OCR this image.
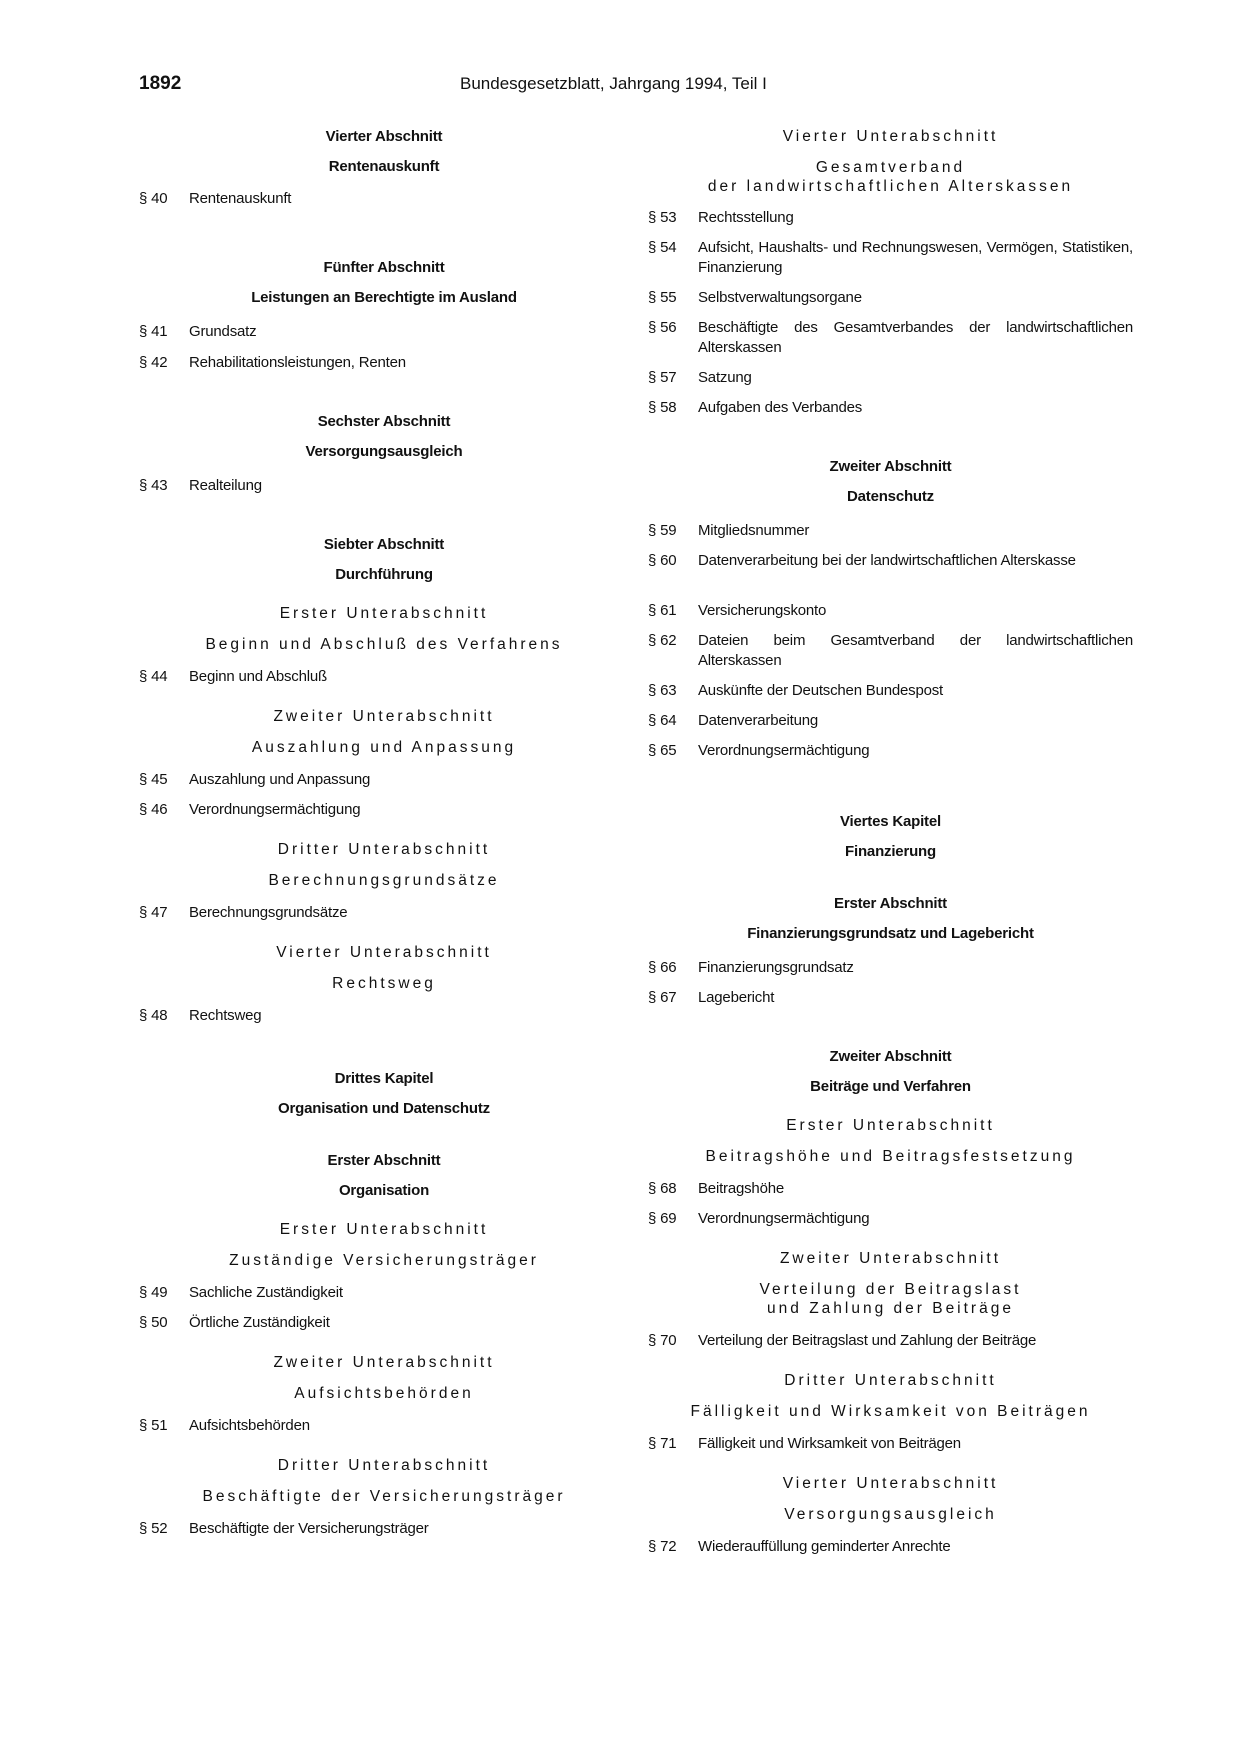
1892	Bundesgesetzblatt, Jahrgang 1994, Teil I
Vierter Abschnitt
Rentenauskunft
§ 40	Rentenauskunft
Fünfter Abschnitt
Leistungen an Berechtigte im Ausland
§ 41	Grundsatz
§ 42	Rehabilitationsleistungen, Renten
Sechster Abschnitt
Versorgungsausgleich
§ 43	Realteilung
Siebter Abschnitt
Durchführung
Erster Unterabschnitt
Beginn und Abschluß des Verfahrens
§ 44	Beginn und Abschluß
Zweiter Unterabschnitt
Auszahlung und Anpassung
§ 45	Auszahlung und Anpassung
§ 46	Verordnungsermächtigung
Dritter Unterabschnitt
Berechnungsgrundsätze
§ 47	Berechnungsgrundsätze
Vierter Unterabschnitt
Rechtsweg
§ 48	Rechtsweg
Drittes Kapitel
Organisation und Datenschutz
Erster Abschnitt
Organisation
Erster Unterabschnitt
Zuständige Versicherungsträger
§ 49	Sachliche Zuständigkeit
§ 50	Örtliche Zuständigkeit
Zweiter Unterabschnitt
Aufsichtsbehörden
§ 51	Aufsichtsbehörden
Dritter Unterabschnitt
Beschäftigte der Versicherungsträger
§ 52	Beschäftigte der Versicherungsträger
Vierter Unterabschnitt
Gesamtverband
der landwirtschaftlichen Alterskassen
§ 53	Rechtsstellung
§ 54	Aufsicht, Haushalts- und Rechnungswesen, Vermögen, Statistiken, Finanzierung
§ 55	Selbstverwaltungsorgane
§ 56	Beschäftigte des Gesamtverbandes der landwirtschaftlichen Alterskassen
§ 57	Satzung
§ 58	Aufgaben des Verbandes
Zweiter Abschnitt
Datenschutz
§ 59	Mitgliedsnummer
§ 60	Datenverarbeitung bei der landwirtschaftlichen Alterskasse
§ 61	Versicherungskonto
§ 62	Dateien beim Gesamtverband der landwirtschaftlichen Alterskassen
§ 63	Auskünfte der Deutschen Bundespost
§ 64	Datenverarbeitung
§ 65	Verordnungsermächtigung
Viertes Kapitel
Finanzierung
Erster Abschnitt
Finanzierungsgrundsatz und Lagebericht
§ 66	Finanzierungsgrundsatz
§ 67	Lagebericht
Zweiter Abschnitt
Beiträge und Verfahren
Erster Unterabschnitt
Beitragshöhe und Beitragsfestsetzung
§ 68	Beitragshöhe
§ 69	Verordnungsermächtigung
Zweiter Unterabschnitt
Verteilung der Beitragslast
und Zahlung der Beiträge
§ 70	Verteilung der Beitragslast und Zahlung der Beiträge
Dritter Unterabschnitt
Fälligkeit und Wirksamkeit von Beiträgen
§ 71	Fälligkeit und Wirksamkeit von Beiträgen
Vierter Unterabschnitt
Versorgungsausgleich
§ 72	Wiederauffüllung geminderter Anrechte
